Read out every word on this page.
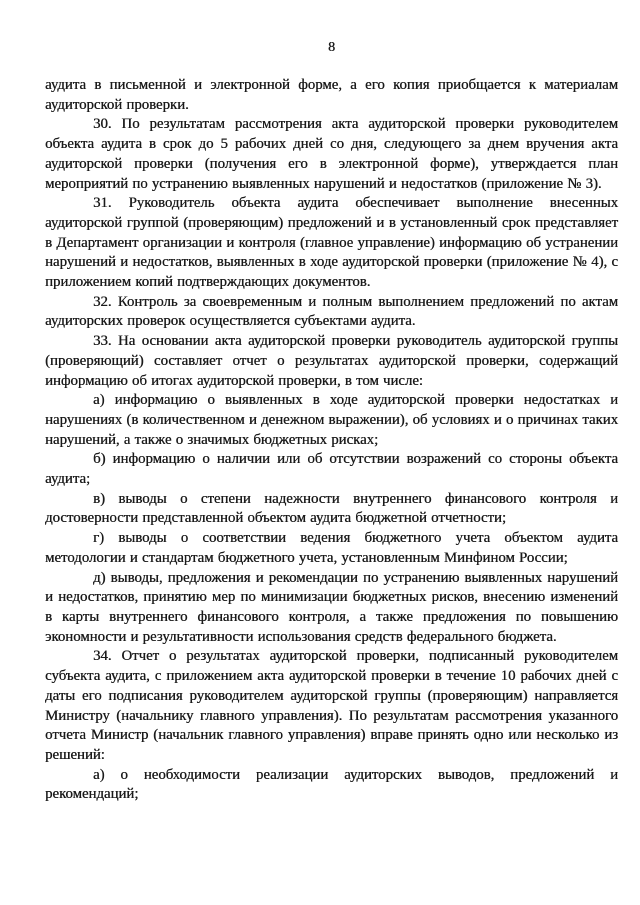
8

аудита в письменной и электронной форме, а его копия приобщается к материалам аудиторской проверки.

30. По результатам рассмотрения акта аудиторской проверки руководителем объекта аудита в срок до 5 рабочих дней со дня, следующего за днем вручения акта аудиторской проверки (получения его в электронной форме), утверждается план мероприятий по устранению выявленных нарушений и недостатков (приложение № 3).

31. Руководитель объекта аудита обеспечивает выполнение внесенных аудиторской группой (проверяющим) предложений и в установленный срок представляет в Департамент организации и контроля (главное управление) информацию об устранении нарушений и недостатков, выявленных в ходе аудиторской проверки (приложение № 4), с приложением копий подтверждающих документов.

32. Контроль за своевременным и полным выполнением предложений по актам аудиторских проверок осуществляется субъектами аудита.

33. На основании акта аудиторской проверки руководитель аудиторской группы (проверяющий) составляет отчет о результатах аудиторской проверки, содержащий информацию об итогах аудиторской проверки, в том числе:

а) информацию о выявленных в ходе аудиторской проверки недостатках и нарушениях (в количественном и денежном выражении), об условиях и о причинах таких нарушений, а также о значимых бюджетных рисках;

б) информацию о наличии или об отсутствии возражений со стороны объекта аудита;

в) выводы о степени надежности внутреннего финансового контроля и достоверности представленной объектом аудита бюджетной отчетности;

г) выводы о соответствии ведения бюджетного учета объектом аудита методологии и стандартам бюджетного учета, установленным Минфином России;

д) выводы, предложения и рекомендации по устранению выявленных нарушений и недостатков, принятию мер по минимизации бюджетных рисков, внесению изменений в карты внутреннего финансового контроля, а также предложения по повышению экономности и результативности использования средств федерального бюджета.

34. Отчет о результатах аудиторской проверки, подписанный руководителем субъекта аудита, с приложением акта аудиторской проверки в течение 10 рабочих дней с даты его подписания руководителем аудиторской группы (проверяющим) направляется Министру (начальнику главного управления). По результатам рассмотрения указанного отчета Министр (начальник главного управления) вправе принять одно или несколько из решений:

а) о необходимости реализации аудиторских выводов, предложений и рекомендаций;
